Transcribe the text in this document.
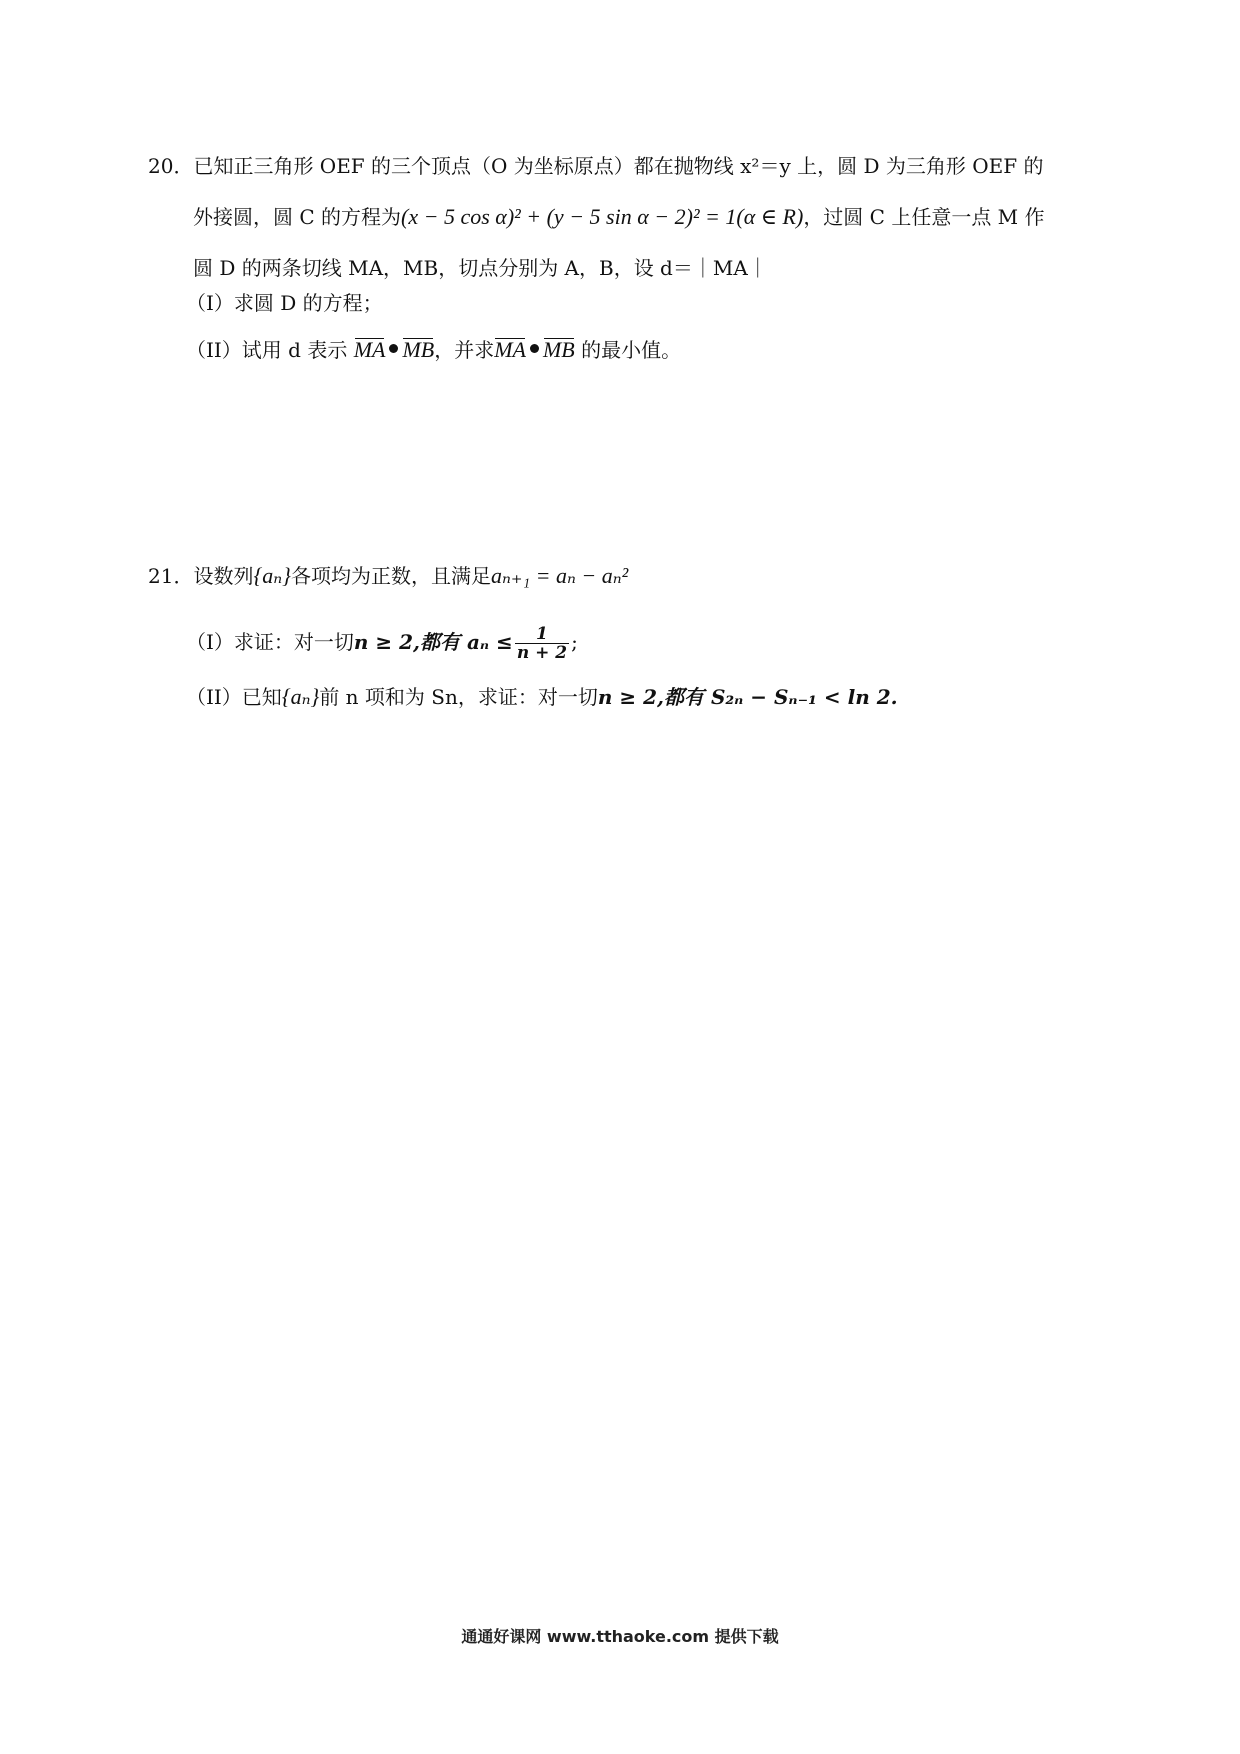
20．已知正三角形 OEF 的三个顶点（O 为坐标原点）都在抛物线 x²＝y 上，圆 D 为三角形 OEF 的
外接圆，圆 C 的方程为(x − 5 cos α)² + (y − 5 sin α − 2)² = 1(α ∈ R)，过圆 C 上任意一点 M 作
圆 D 的两条切线 MA，MB，切点分别为 A，B，设 d＝｜MA｜
（I）求圆 D 的方程；
（II）试用 d 表示 MA MB，并求MA MB 的最小值。
21．设数列{aₙ}各项均为正数，且满足aₙ₊₁ = aₙ − aₙ²
（I）求证：对一切n ≥ 2,都有 $a_n \le \frac{1}{n + 2}$ ;
（II）已知{aₙ}前 n 项和为 Sn，求证：对一切n ≥ 2,都有 S₂ₙ − Sₙ₋₁ < ln 2.
通通好课网 www.tthaoke.com 提供下载
